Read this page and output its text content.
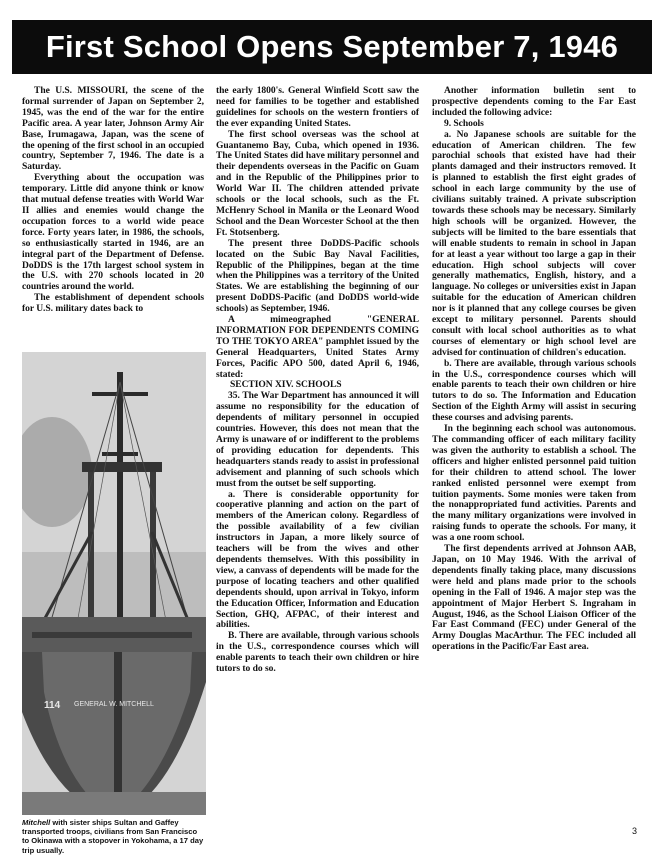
First School Opens September 7, 1946

The U.S. MISSOURI, the scene of the formal surrender of Japan on September 2, 1945, was the end of the war for the entire Pacific area. A year later, Johnson Army Air Base, Irumagawa, Japan, was the scene of the opening of the first school in an occupied country, September 7, 1946. The date is a Saturday.

Everything about the occupation was temporary. Little did anyone think or know that mutual defense treaties with World War II allies and enemies would change the occupation forces to a world wide peace force. Forty years later, in 1986, the schools, so enthusiastically started in 1946, are an integral part of the Department of Defense. DoDDS is the 17th largest school system in the U.S. with 270 schools located in 20 countries around the world.

The establishment of dependent schools for U.S. military dates back to

the early 1800's. General Winfield Scott saw the need for families to be together and established guidelines for schools on the western frontiers of the ever expanding United States.

The first school overseas was the school at Guantanemo Bay, Cuba, which opened in 1936. The United States did have military personnel and their dependents overseas in the Pacific on Guam and in the Republic of the Philippines prior to World War II. The children attended private schools or the local schools, such as the Ft. McHenry School in Manila or the Leonard Wood School and the Dean Worcester School at the then Ft. Stotsenberg.

The present three DoDDS-Pacific schools located on the Subic Bay Naval Facilities, Republic of the Philippines, began at the time when the Philippines was a territory of the United States. We are establishing the beginning of our present DoDDS-Pacific (and DoDDS world-wide schools) as September, 1946.

A mimeographed "GENERAL INFORMATION FOR DEPENDENTS COMING TO THE TOKYO AREA" pamphlet issued by the General Headquarters, United States Army Forces, Pacific APO 500, dated April 6, 1946, stated:

SECTION XIV. SCHOOLS

35. The War Department has announced it will assume no responsibility for the education of dependents of military personnel in occupied countries. However, this does not mean that the Army is unaware of or indifferent to the problems of providing education for dependents. This headquarters stands ready to assist in professional advisement and planning of such schools which must from the outset be self supporting.

a. There is considerable opportunity for cooperative planning and action on the part of members of the American colony. Regardless of the possible availability of a few civilian instructors in Japan, a more likely source of teachers will be from the wives and other dependents themselves. With this possibility in view, a canvass of dependents will be made for the purpose of locating teachers and other qualified dependents should, upon arrival in Tokyo, inform the Education Officer, Information and Education Section, GHQ, AFPAC, of their interest and abilities.

B. There are available, through various schools in the U.S., correspondence courses which will enable parents to teach their own children or hire tutors to do so.

Another information bulletin sent to prospective dependents coming to the Far East included the following advice:

9. Schools

a. No Japanese schools are suitable for the education of American children. The few parochial schools that existed have had their plants damaged and their instructors removed. It is planned to establish the first eight grades of school in each large community by the use of civilians suitably trained. A private subscription towards these schools may be necessary. Similarly high schools will be organized. However, the subjects will be limited to the bare essentials that will enable students to remain in school in Japan for at least a year without too large a gap in their education. High school subjects will cover generally mathematics, English, history, and a language. No colleges or universities exist in Japan suitable for the education of American children nor is it planned that any college courses be given except to military personnel. Parents should consult with local school authorities as to what courses of elementary or high school level are advised for continuation of children's education.

b. There are available, through various schools in the U.S., correspondence courses which will enable parents to teach their own children or hire tutors to do so. The Information and Education Section of the Eighth Army will assist in securing these courses and advising parents.

In the beginning each school was autonomous. The commanding officer of each military facility was given the authority to establish a school. The officers and higher enlisted personnel paid tuition for their children to attend school. The lower ranked enlisted personnel were exempt from tuition payments. Some monies were taken from the nonappropriated fund activities. Parents and the many military organizations were involved in raising funds to operate the schools. For many, it was a one room school.

The first dependents arrived at Johnson AAB, Japan, on 10 May 1946. With the arrival of dependents finally taking place, many discussions were held and plans made prior to the schools opening in the Fall of 1946. A major step was the appointment of Major Herbert S. Ingraham in August, 1946, as the School Liaison Officer of the Far East Command (FEC) under General of the Army Douglas MacArthur. The FEC included all operations in the Pacific/Far East area.

114 GENERAL W. MITCHELL
Mitchell with sister ships Sultan and Gaffey transported troops, civilians from San Francisco to Okinawa with a stopover in Yokohama, a 17 day trip usually.
3
